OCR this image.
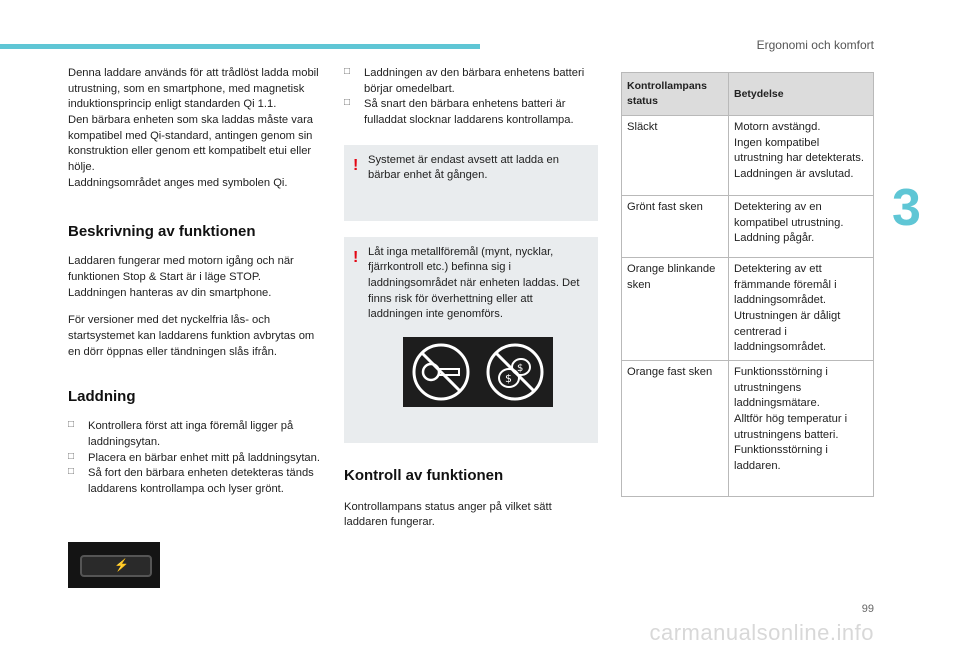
Ergonomi och komfort
3

Denna laddare används för att trådlöst ladda mobil utrustning, som en smartphone, med magnetisk induktionsprincip enligt standarden Qi 1.1.

Den bärbara enheten som ska laddas måste vara kompatibel med Qi-standard, antingen genom sin konstruktion eller genom ett kompatibelt etui eller hölje.

Laddningsområdet anges med symbolen Qi.

Beskrivning av funktionen

Laddaren fungerar med motorn igång och när funktionen Stop & Start är i läge STOP.

Laddningen hanteras av din smartphone.

För versioner med det nyckelfria lås- och startsystemet kan laddarens funktion avbrytas om en dörr öppnas eller tändningen slås ifrån.

Laddning
□ Kontrollera först att inga föremål ligger på laddningsytan.
□ Placera en bärbar enhet mitt på laddningsytan.
□ Så fort den bärbara enheten detekteras tänds laddarens kontrollampa och lyser grönt.
⚡
□ Laddningen av den bärbara enhetens batteri börjar omedelbart.
□ Så snart den bärbara enhetens batteri är fulladdat slocknar laddarens kontrollampa.
! Systemet är endast avsett att ladda en bärbar enhet åt gången.

! Låt inga metallföremål (mynt, nycklar, fjärrkontroll etc.) befinna sig i laddningsområdet när enheten laddas. Det finns risk för överhettning eller att laddningen inte genomförs.

$
$
Kontroll av funktionen

Kontrollampans status anger på vilket sätt laddaren fungerar.

Kontrollampans status	Betydelse
Släckt	Motorn avstängd.
Ingen kompatibel utrustning har detekterats.
Laddningen är avslutad.

Grönt fast sken	Detektering av en kompatibel utrustning.
Laddning pågår.

Orange blinkande sken	Detektering av ett främmande föremål i laddningsområdet.
Utrustningen är dåligt centrerad i laddningsområdet.

Orange fast sken	Funktionsstörning i utrustningens laddningsmätare.
Alltför hög temperatur i utrustningens batteri.
Funktionsstörning i laddaren.
99
carmanualsonline.info
